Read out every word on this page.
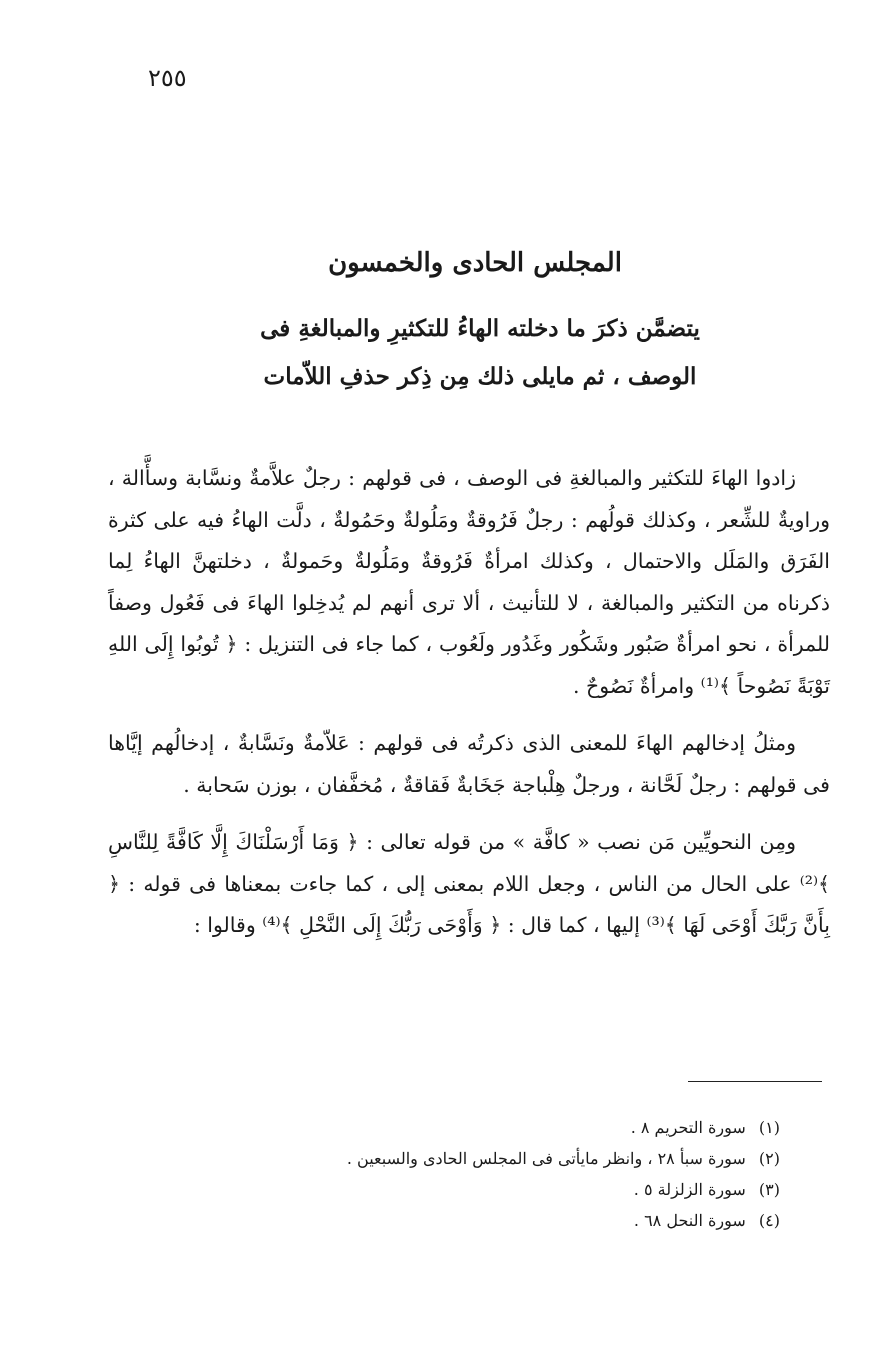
٢٥٥
المجلس الحادى والخمسون
يتضمَّن ذكرَ ما دخلته الهاءُ للتكثيرِ والمبالغةِ فى الوصف ، ثم مايلى ذلك مِن ذِكر حذفِ اللاّمات

زادوا الهاءَ للتكثير والمبالغةِ فى الوصف ، فى قولهم : رجلٌ علاَّمةٌ ونسَّابة وسأَّالة ، وراويةٌ للشِّعر ، وكذلك قولُهم : رجلٌ فَرُوقةٌ ومَلُولةٌ وحَمُولةٌ ، دلَّت الهاءُ فيه على كثرة الفَرَق والمَلَل والاحتمال ، وكذلك امرأةٌ فَرُوقةٌ ومَلُولةٌ وحَمولةٌ ، دخلتهنَّ الهاءُ لِما ذكرناه من التكثير والمبالغة ، لا للتأنيث ، ألا ترى أنهم لم يُدخِلوا الهاءَ فى فَعُول وصفاً للمرأة ، نحو امرأةٌ صَبُور وشَكُور وغَدُور ولَعُوب ، كما جاء فى التنزيل : ﴿ تُوبُوا إِلَى اللهِ تَوْبَةً نَصُوحاً ﴾⁽¹⁾ وامرأةٌ نَصُوحٌ .

ومثلُ إدخالهم الهاءَ للمعنى الذى ذكرتُه فى قولهم : عَلاّمةٌ ونَسَّابةٌ ، إدخالُهم إيَّاها فى قولهم : رجلٌ لَحَّانة ، ورجلٌ هِلْباجة جَخَابةٌ فَقاقةٌ ، مُخفَّفان ، بوزن سَحابة .

ومِن النحويِّين مَن نصب « كافَّة » من قوله تعالى : ﴿ وَمَا أَرْسَلْنَاكَ إِلَّا كَافَّةً لِلنَّاسِ ﴾⁽²⁾ على الحال من الناس ، وجعل اللام بمعنى إلى ، كما جاءت بمعناها فى قوله : ﴿ بِأَنَّ رَبَّكَ أَوْحَى لَهَا ﴾⁽³⁾ إليها ، كما قال : ﴿ وَأَوْحَى رَبُّكَ إِلَى النَّحْلِ ﴾⁽⁴⁾ وقالوا :

(١) سورة التحريم ٨ .

(٢) سورة سبأ ٢٨ ، وانظر مايأتى فى المجلس الحادى والسبعين .

(٣) سورة الزلزلة ٥ .

(٤) سورة النحل ٦٨ .
